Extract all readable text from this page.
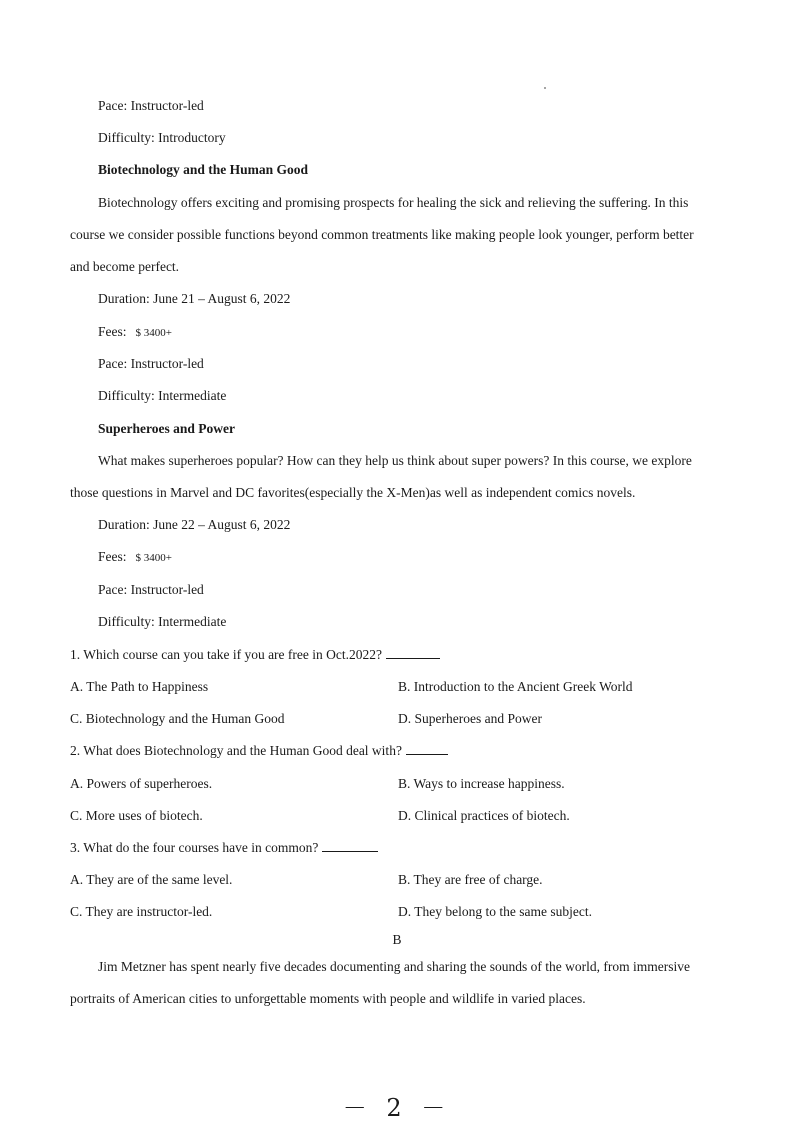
Pace: Instructor-led
Difficulty: Introductory
Biotechnology and the Human Good
Biotechnology offers exciting and promising prospects for healing the sick and relieving the suffering. In this
course we consider possible functions beyond common treatments like making people look younger, perform better
and become perfect.
Duration: June 21 – August 6, 2022
Fees: $ 3400+
Pace: Instructor-led
Difficulty: Intermediate
Superheroes and Power
What makes superheroes popular? How can they help us think about super powers? In this course, we explore
those questions in Marvel and DC favorites(especially the X-Men)as well as independent comics novels.
Duration: June 22 – August 6, 2022
Fees: $ 3400+
Pace: Instructor-led
Difficulty: Intermediate
1. Which course can you take if you are free in Oct.2022?
A. The Path to Happiness	B. Introduction to the Ancient Greek World
C. Biotechnology and the Human Good	D. Superheroes and Power
2. What does Biotechnology and the Human Good deal with?
A. Powers of superheroes.	B. Ways to increase happiness.
C. More uses of biotech.	D. Clinical practices of biotech.
3. What do the four courses have in common?
A. They are of the same level.	B. They are free of charge.
C. They are instructor-led.	D. They belong to the same subject.
B
Jim Metzner has spent nearly five decades documenting and sharing the sounds of the world, from immersive
portraits of American cities to unforgettable moments with people and wildlife in varied places.
－ 2 －
